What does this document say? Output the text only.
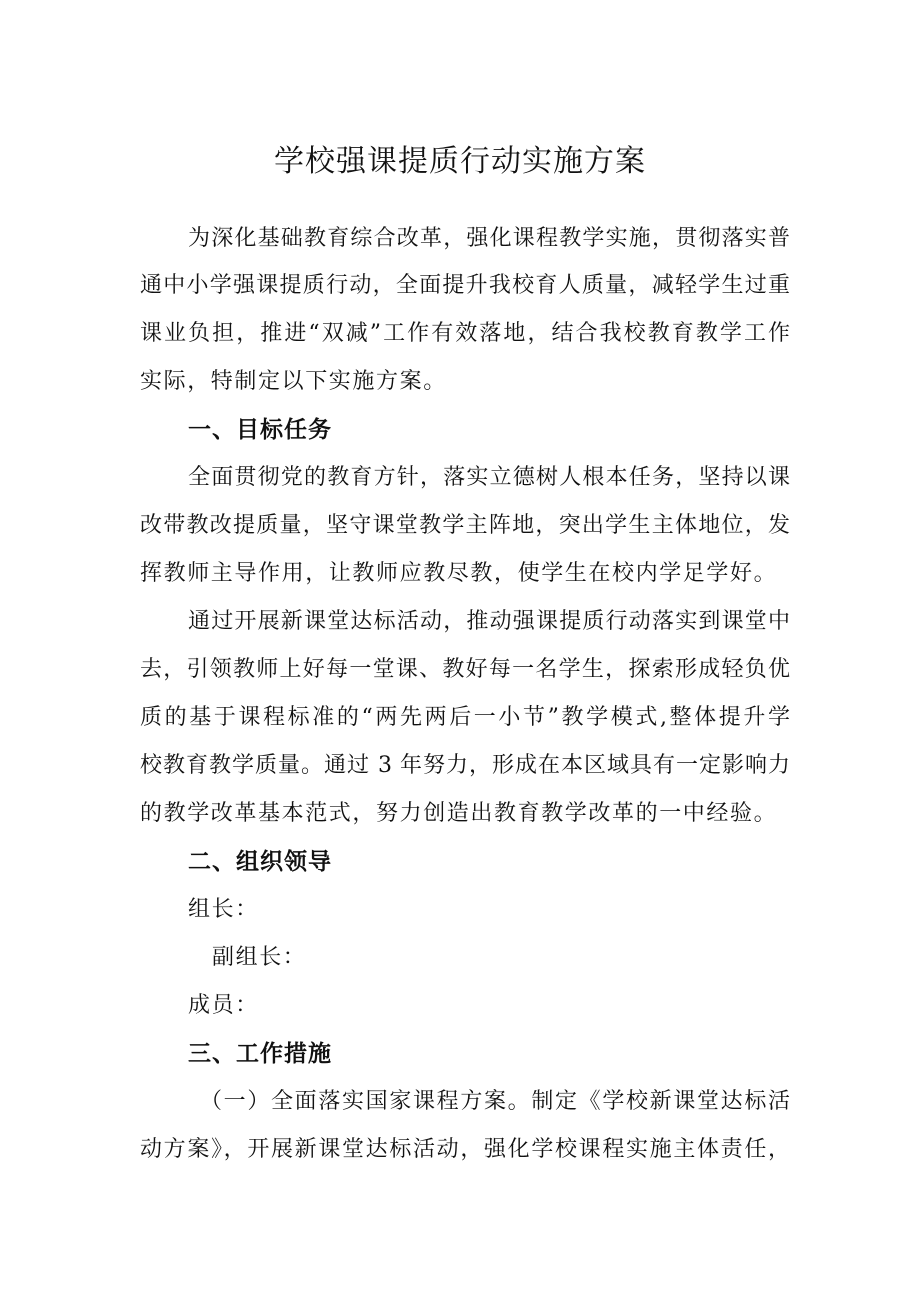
学校强课提质行动实施方案

为深化基础教育综合改革，强化课程教学实施，贯彻落实普

通中小学强课提质行动，全面提升我校育人质量，减轻学生过重

课业负担，推进“双减”工作有效落地，结合我校教育教学工作

实际，特制定以下实施方案。

一、目标任务

全面贯彻党的教育方针，落实立德树人根本任务，坚持以课

改带教改提质量，坚守课堂教学主阵地，突出学生主体地位，发

挥教师主导作用，让教师应教尽教，使学生在校内学足学好。

通过开展新课堂达标活动，推动强课提质行动落实到课堂中

去，引领教师上好每一堂课、教好每一名学生，探索形成轻负优

质的基于课程标准的“两先两后一小节”教学模式,整体提升学

校教育教学质量。通过 3 年努力，形成在本区域具有一定影响力

的教学改革基本范式，努力创造出教育教学改革的一中经验。

二、组织领导

组长：

副组长：

成员：

三、工作措施

（一）全面落实国家课程方案。制定《学校新课堂达标活

动方案》，开展新课堂达标活动，强化学校课程实施主体责任，
